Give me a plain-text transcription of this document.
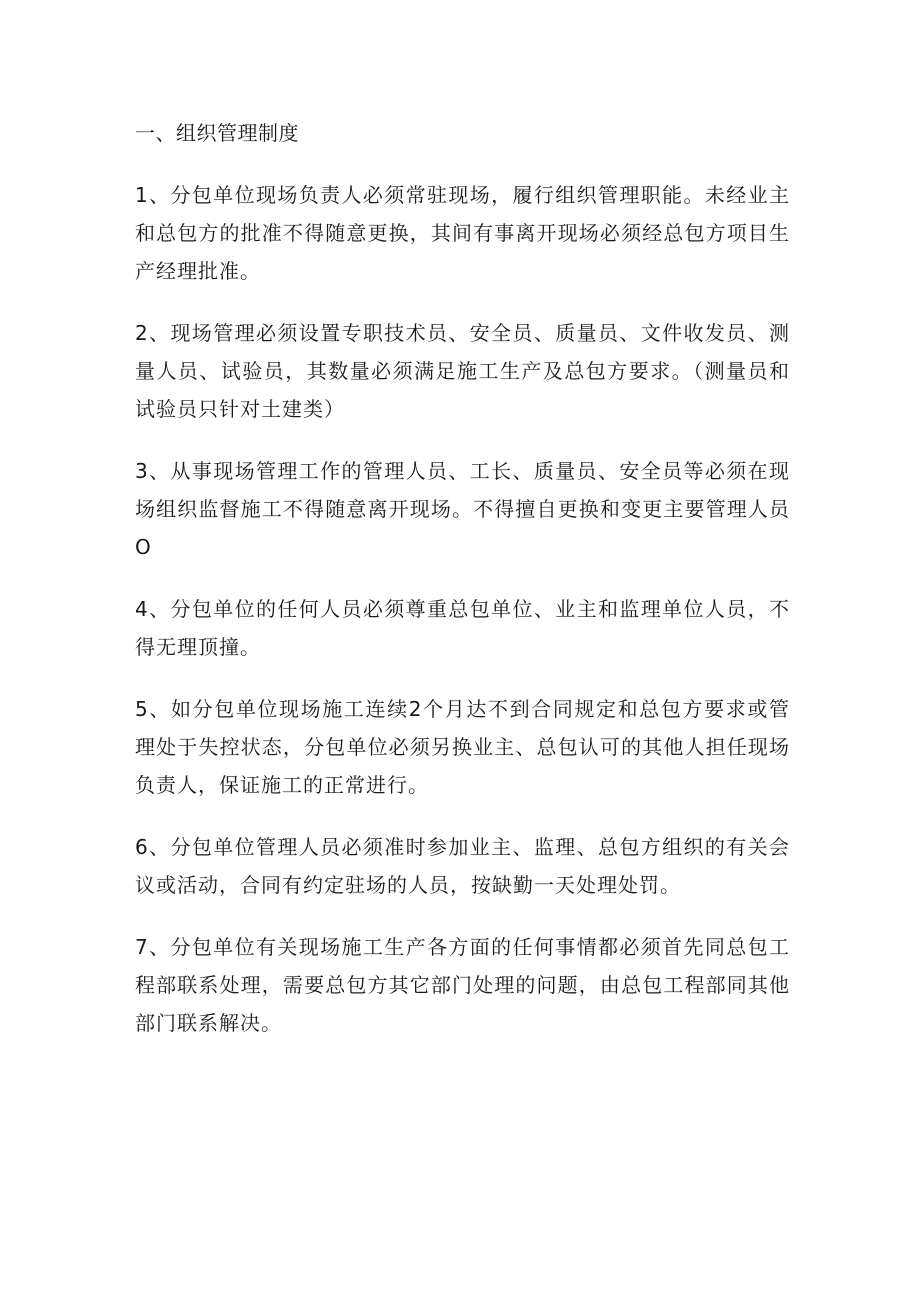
一、组织管理制度

1、分包单位现场负责人必须常驻现场，履行组织管理职能。未经业主和总包方的批准不得随意更换，其间有事离开现场必须经总包方项目生产经理批准。

2、现场管理必须设置专职技术员、安全员、质量员、文件收发员、测量人员、试验员，其数量必须满足施工生产及总包方要求。（测量员和试验员只针对土建类）

3、从事现场管理工作的管理人员、工长、质量员、安全员等必须在现场组织监督施工不得随意离开现场。不得擅自更换和变更主要管理人员O

4、分包单位的任何人员必须尊重总包单位、业主和监理单位人员，不得无理顶撞。

5、如分包单位现场施工连续2个月达不到合同规定和总包方要求或管理处于失控状态，分包单位必须另换业主、总包认可的其他人担任现场负责人，保证施工的正常进行。

6、分包单位管理人员必须准时参加业主、监理、总包方组织的有关会议或活动，合同有约定驻场的人员，按缺勤一天处理处罚。

7、分包单位有关现场施工生产各方面的任何事情都必须首先同总包工程部联系处理，需要总包方其它部门处理的问题，由总包工程部同其他部门联系解决。
